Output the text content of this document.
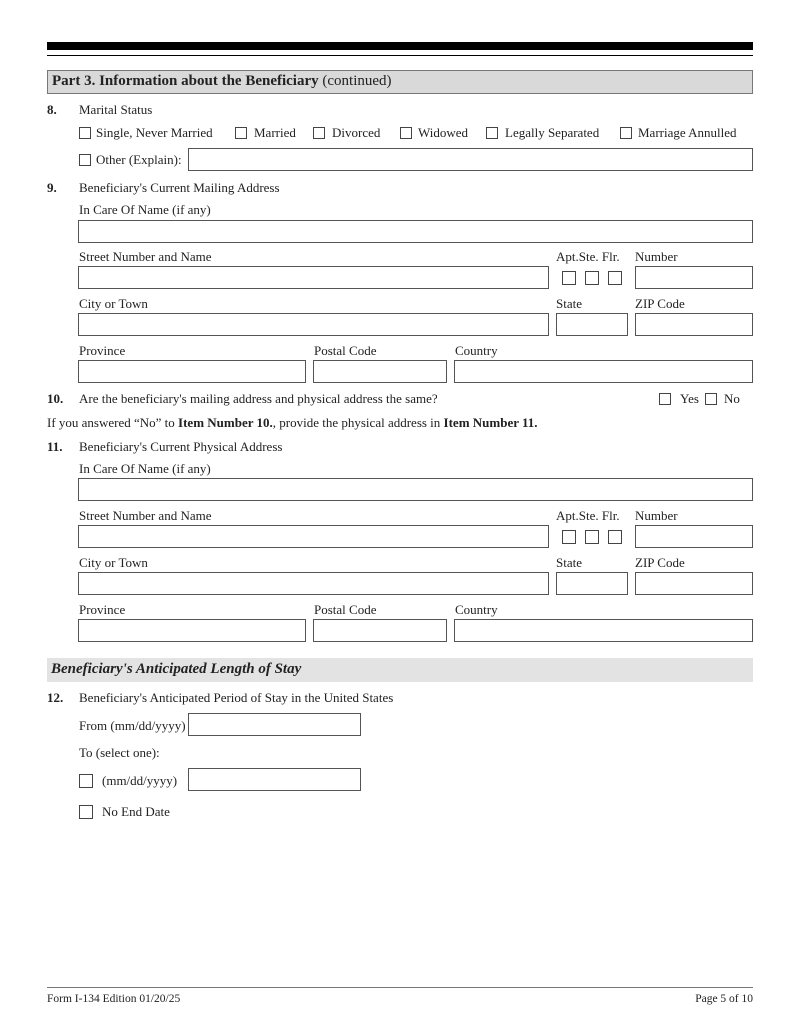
Part 3. Information about the Beneficiary (continued)
8. Marital Status
Single, Never Married	Married	Divorced	Widowed	Legally Separated	Marriage Annulled
Other (Explain):
9. Beneficiary's Current Mailing Address
In Care Of Name (if any)
Street Number and Name	Apt.Ste. Flr. Number
City or Town	State	ZIP Code
Province	Postal Code	Country
10. Are the beneficiary's mailing address and physical address the same?	Yes No
If you answered “No” to Item Number 10., provide the physical address in Item Number 11.
11. Beneficiary's Current Physical Address
In Care Of Name (if any)
Street Number and Name	Apt.Ste. Flr. Number
City or Town	State	ZIP Code
Province	Postal Code	Country
Beneficiary's Anticipated Length of Stay
12. Beneficiary's Anticipated Period of Stay in the United States
From (mm/dd/yyyy)
To (select one):
(mm/dd/yyyy)
No End Date
Form I-134 Edition 01/20/25	Page 5 of 10
